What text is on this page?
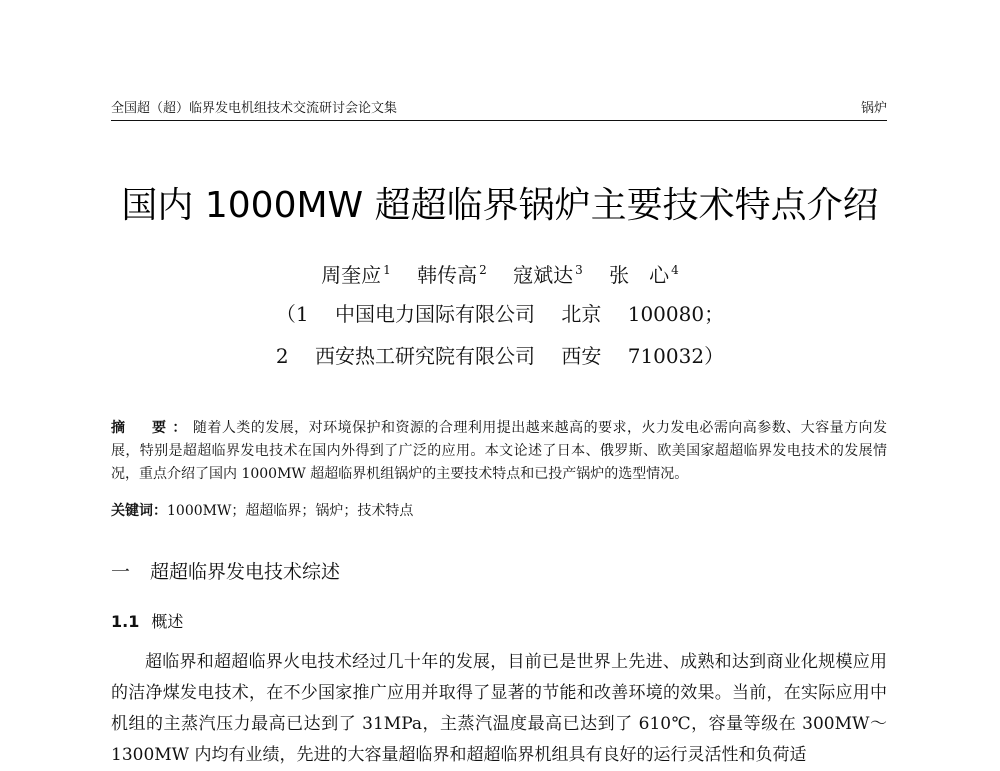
全国超（超）临界发电机组技术交流研讨会论文集	锅炉
国内 1000MW 超超临界锅炉主要技术特点介绍
周奎应 $^1$ 韩传高 $^2$ 寇斌达 $^3$ 张　心 $^4$
（1 中国电力国际有限公司 北京 100080；
2 西安热工研究院有限公司 西安 710032）
摘　要：随着人类的发展，对环境保护和资源的合理利用提出越来越高的要求，火力发电必需向高参数、大容量方向发展，特别是超超临界发电技术在国内外得到了广泛的应用。本文论述了日本、俄罗斯、欧美国家超超临界发电技术的发展情况，重点介绍了国内 1000MW 超超临界机组锅炉的主要技术特点和已投产锅炉的选型情况。
关键词：1000MW；超超临界；锅炉；技术特点
一 超超临界发电技术综述
1.1 概述
超临界和超超临界火电技术经过几十年的发展，目前已是世界上先进、成熟和达到商业化规模应用的洁净煤发电技术，在不少国家推广应用并取得了显著的节能和改善环境的效果。当前，在实际应用中机组的主蒸汽压力最高已达到了 31MPa，主蒸汽温度最高已达到了 610℃，容量等级在 300MW～1300MW 内均有业绩，先进的大容量超临界和超超临界机组具有良好的运行灵活性和负荷适
